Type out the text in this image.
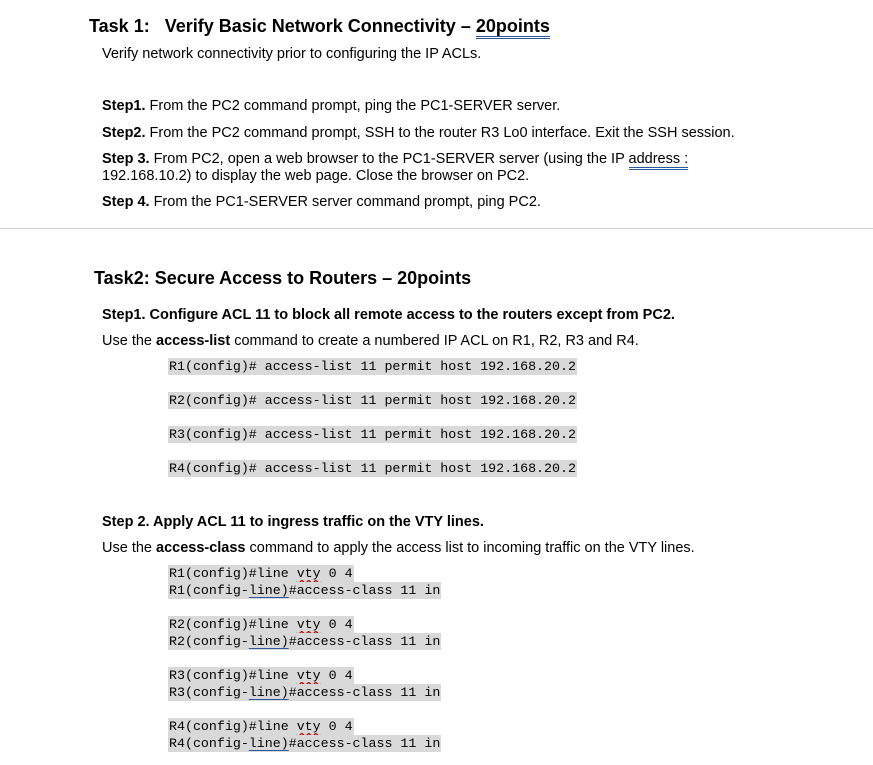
Task 1:   Verify Basic Network Connectivity – 20points
Verify network connectivity prior to configuring the IP ACLs.
Step1. From the PC2 command prompt, ping the PC1-SERVER server.
Step2. From the PC2 command prompt, SSH to the router R3 Lo0 interface. Exit the SSH session.
Step 3. From PC2, open a web browser to the PC1-SERVER server (using the IP address :
192.168.10.2) to display the web page. Close the browser on PC2.
Step 4. From the PC1-SERVER server command prompt, ping PC2.
Task2: Secure Access to Routers – 20points
Step1. Configure ACL 11 to block all remote access to the routers except from PC2.
Use the access-list command to create a numbered IP ACL on R1, R2, R3 and R4.
R1(config)# access-list 11 permit host 192.168.20.2
R2(config)# access-list 11 permit host 192.168.20.2
R3(config)# access-list 11 permit host 192.168.20.2
R4(config)# access-list 11 permit host 192.168.20.2
Step 2. Apply ACL 11 to ingress traffic on the VTY lines.
Use the access-class command to apply the access list to incoming traffic on the VTY lines.
R1(config)#line vty 0 4
R1(config-line)#access-class 11 in
R2(config)#line vty 0 4
R2(config-line)#access-class 11 in
R3(config)#line vty 0 4
R3(config-line)#access-class 11 in
R4(config)#line vty 0 4
R4(config-line)#access-class 11 in
